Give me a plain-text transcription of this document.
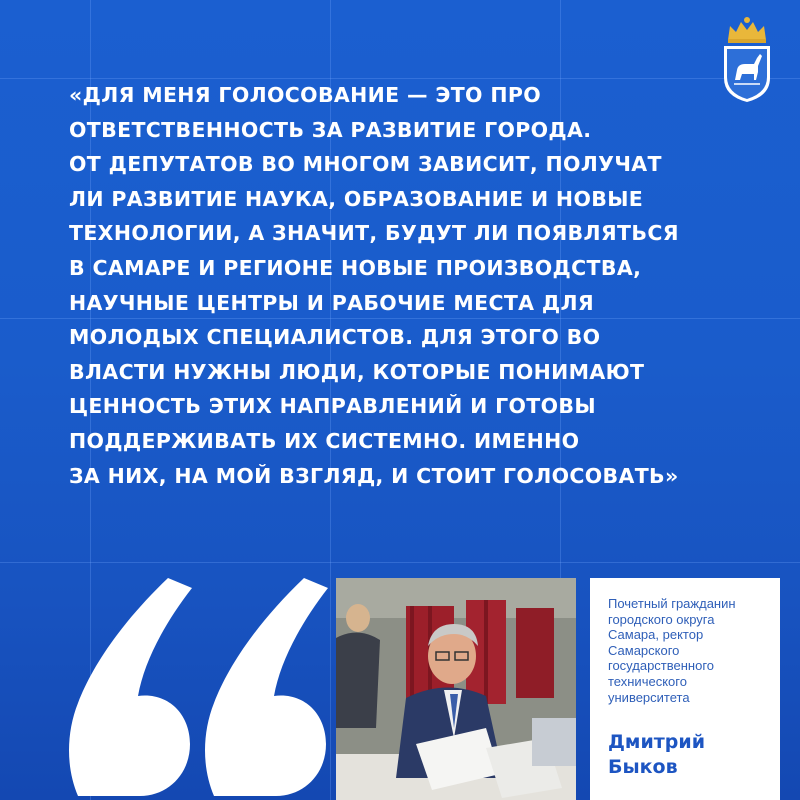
«ДЛЯ МЕНЯ ГОЛОСОВАНИЕ — ЭТО ПРО
ОТВЕТСТВЕННОСТЬ ЗА РАЗВИТИЕ ГОРОДА.
ОТ ДЕПУТАТОВ ВО МНОГОМ ЗАВИСИТ, ПОЛУЧАТ
ЛИ РАЗВИТИЕ НАУКА, ОБРАЗОВАНИЕ И НОВЫЕ
ТЕХНОЛОГИИ, А ЗНАЧИТ, БУДУТ ЛИ ПОЯВЛЯТЬСЯ
В САМАРЕ И РЕГИОНЕ НОВЫЕ ПРОИЗВОДСТВА,
НАУЧНЫЕ ЦЕНТРЫ И РАБОЧИЕ МЕСТА ДЛЯ
МОЛОДЫХ СПЕЦИАЛИСТОВ. ДЛЯ ЭТОГО ВО
ВЛАСТИ НУЖНЫ ЛЮДИ, КОТОРЫЕ ПОНИМАЮТ
ЦЕННОСТЬ ЭТИХ НАПРАВЛЕНИЙ И ГОТОВЫ
ПОДДЕРЖИВАТЬ ИХ СИСТЕМНО. ИМЕННО
ЗА НИХ, НА МОЙ ВЗГЛЯД, И СТОИТ ГОЛОСОВАТЬ»
Почетный гражданин
городского округа
Самара, ректор
Самарского
государственного
технического
университета
Дмитрий
Быков
